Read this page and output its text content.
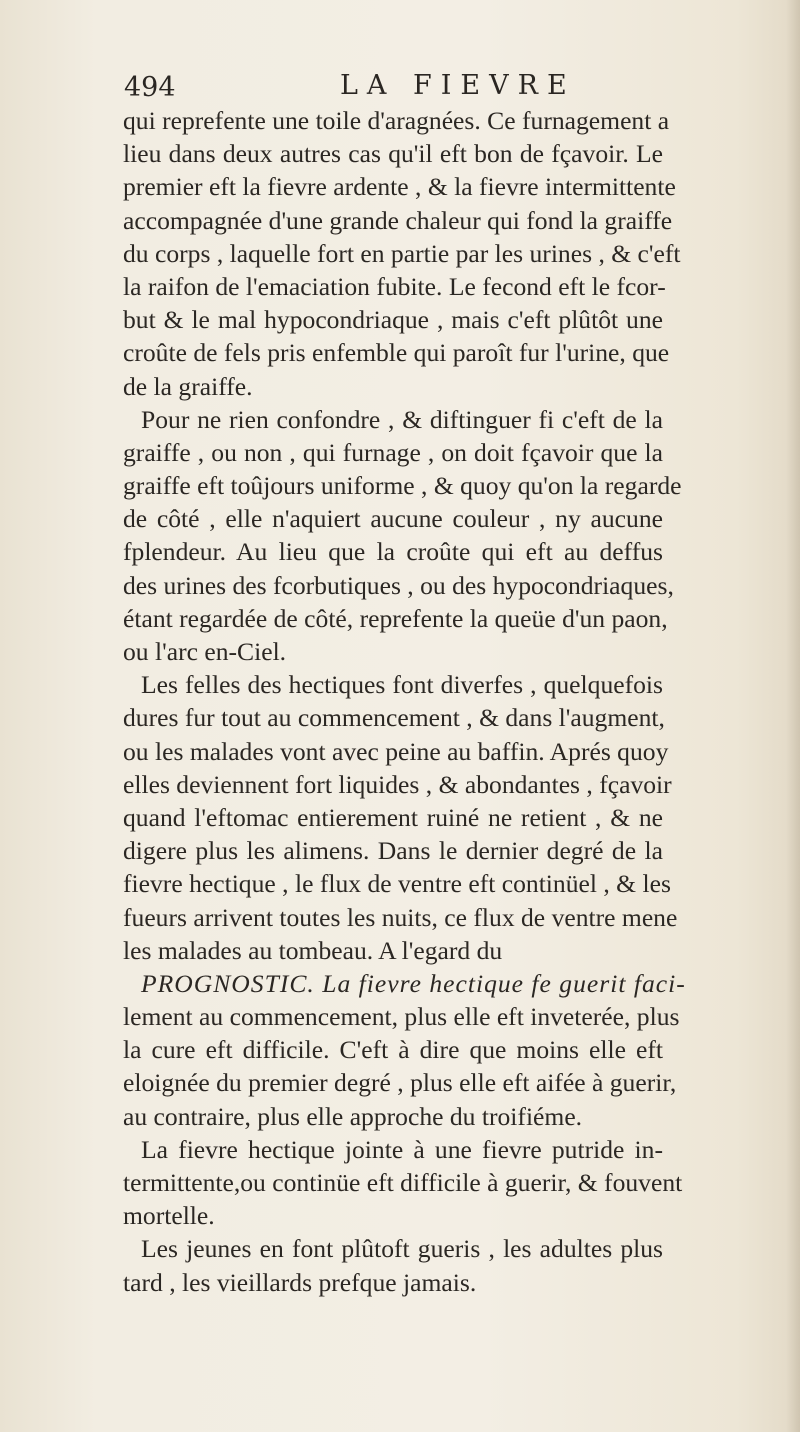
494	LA FIEVRE
qui reprefente une toile d'aragnées. Ce furnagement a
lieu dans deux autres cas qu'il eft bon de fçavoir. Le
premier eft la fievre ardente , & la fievre intermittente
accompagnée d'une grande chaleur qui fond la graiffe
du corps , laquelle fort en partie par les urines , & c'eft
la raifon de l'emaciation fubite. Le fecond eft le fcor-
but & le mal hypocondriaque , mais c'eft plûtôt une
croûte de fels pris enfemble qui paroît fur l'urine, que
de la graiffe.
Pour ne rien confondre , & diftinguer fi c'eft de la
graiffe , ou non , qui furnage , on doit fçavoir que la
graiffe eft toûjours uniforme , & quoy qu'on la regarde
de côté , elle n'aquiert aucune couleur , ny aucune
fplendeur. Au lieu que la croûte qui eft au deffus
des urines des fcorbutiques , ou des hypocondriaques,
étant regardée de côté, reprefente la queüe d'un paon,
ou l'arc en-Ciel.
Les felles des hectiques font diverfes , quelquefois
dures fur tout au commencement , & dans l'augment,
ou les malades vont avec peine au baffin. Aprés quoy
elles deviennent fort liquides , & abondantes , fçavoir
quand l'eftomac entierement ruiné ne retient , & ne
digere plus les alimens. Dans le dernier degré de la
fievre hectique , le flux de ventre eft continüel , & les
fueurs arrivent toutes les nuits, ce flux de ventre mene
les malades au tombeau. A l'egard du
PROGNOSTIC. La fievre hectique fe guerit faci-
lement au commencement, plus elle eft inveterée, plus
la cure eft difficile. C'eft à dire que moins elle eft
eloignée du premier degré , plus elle eft aifée à guerir,
au contraire, plus elle approche du troifiéme.
La fievre hectique jointe à une fievre putride in-
termittente,ou continüe eft difficile à guerir, & fouvent
mortelle.
Les jeunes en font plûtoft gueris , les adultes plus
tard , les vieillards prefque jamais.
